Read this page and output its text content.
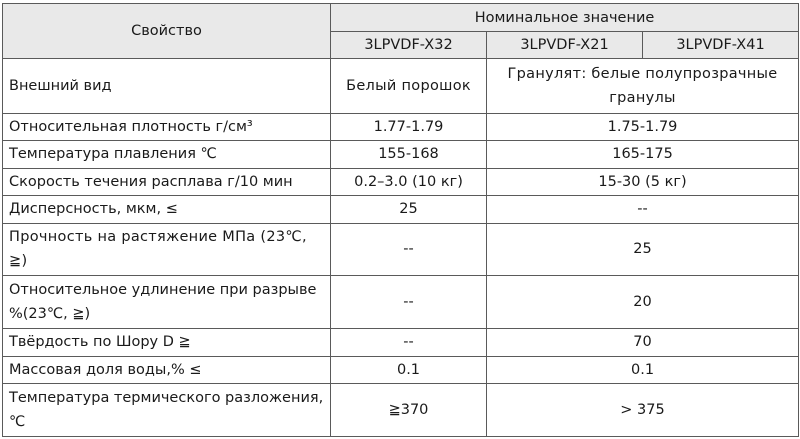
Свойство	Номинальное значение		
	3LPVDF-X32	3LPVDF-X21	3LPVDF-X41
Внешний вид	Белый порошок	Гранулят: белые полупрозрачные гранулы	
Относительная плотность г/см³	1.77-1.79	1.75-1.79	
Температура плавления ℃	155-168	165-175	
Скорость течения расплава г/10 мин	0.2–3.0 (10 кг)	15-30 (5 кг)	
Дисперсность, мкм, ≤	25	--	
Прочность на растяжение МПа (23℃, ≧)	--	25	
Относительное удлинение при разрыве %(23℃, ≧)	--	20	
Твёрдость по Шору D ≧	--	70	
Массовая доля воды,% ≤	0.1	0.1	
Температура термического разложения, ℃	≧370	> 375	
